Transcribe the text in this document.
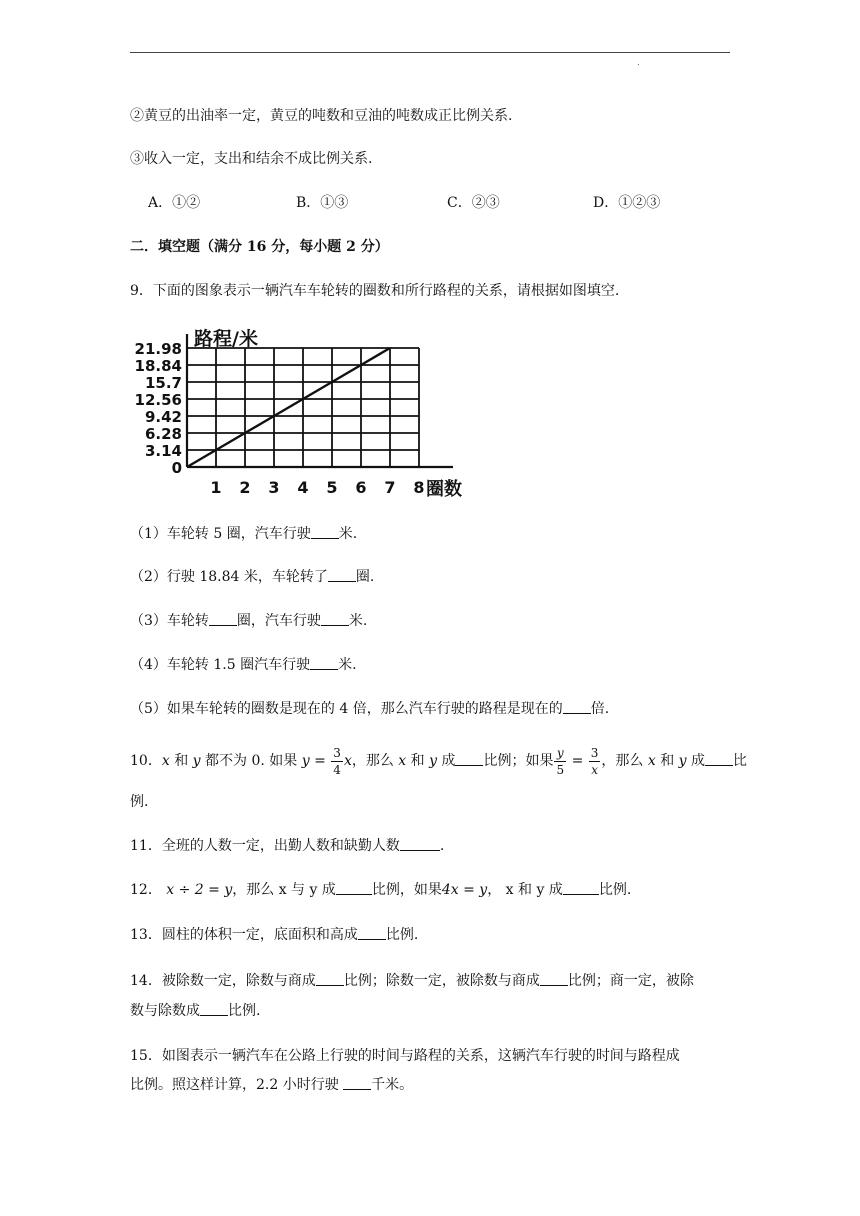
.
②黄豆的出油率一定，黄豆的吨数和豆油的吨数成正比例关系.
③收入一定，支出和结余不成比例关系.
A．①②	B．①③	C．②③	D．①②③
二．填空题（满分 16 分，每小题 2 分）
9．下面的图象表示一辆汽车车轮转的圈数和所行路程的关系，请根据如图填空.
0
3.14
6.28
9.42
12.56
15.7
18.84
21.98
1 2 3 4 5 6 7 8
路程/米
圈数
（1）车轮转 5 圈，汽车行驶 米.
（2）行驶 18.84 米，车轮转了 圈.
（3）车轮转 圈，汽车行驶 米.
（4）车轮转 1.5 圈汽车行驶 米.
（5）如果车轮转的圈数是现在的 4 倍，那么汽车行驶的路程是现在的 倍.
10．x 和 y 都不为 0. 如果 $y = \frac{3}{4}$ x，那么 x 和 y 成 比例；如果 $\frac{y}{5} = \frac{3}{x}$ ，那么 x 和 y 成 比
例.
11．全班的人数一定，出勤人数和缺勤人数	.
12． x ÷ 2 = y，那么 x 与 y 成	比例，如果4x = y， x 和 y 成	比例.
13．圆柱的体积一定，底面积和高成 比例.
14．被除数一定，除数与商成 比例；除数一定，被除数与商成 比例；商一定，被除
数与除数成 比例.
15．如图表示一辆汽车在公路上行驶的时间与路程的关系，这辆汽车行驶的时间与路程成
比例。照这样计算，2.2 小时行驶 千米。
